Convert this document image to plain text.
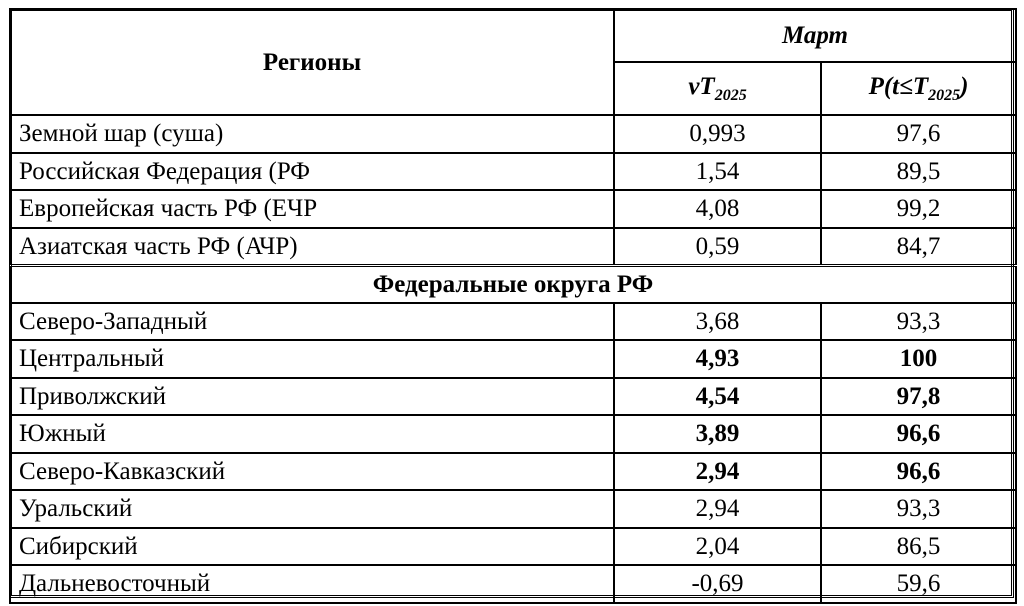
Регионы	Март	
	$vT_{2025}$	$P(t\le T_{2025})$
Земной шар (суша)	0,993	97,6
Российская Федерация (РФ	1,54	89,5
Европейская часть РФ (ЕЧР	4,08	99,2
Азиатская часть РФ (АЧР)	0,59	84,7
Федеральные округа РФ		
Северо-Западный	3,68	93,3
Центральный	4,93	100
Приволжский	4,54	97,8
Южный	3,89	96,6
Северо-Кавказский	2,94	96,6
Уральский	2,94	93,3
Сибирский	2,04	86,5
Дальневосточный	-0,69	59,6
